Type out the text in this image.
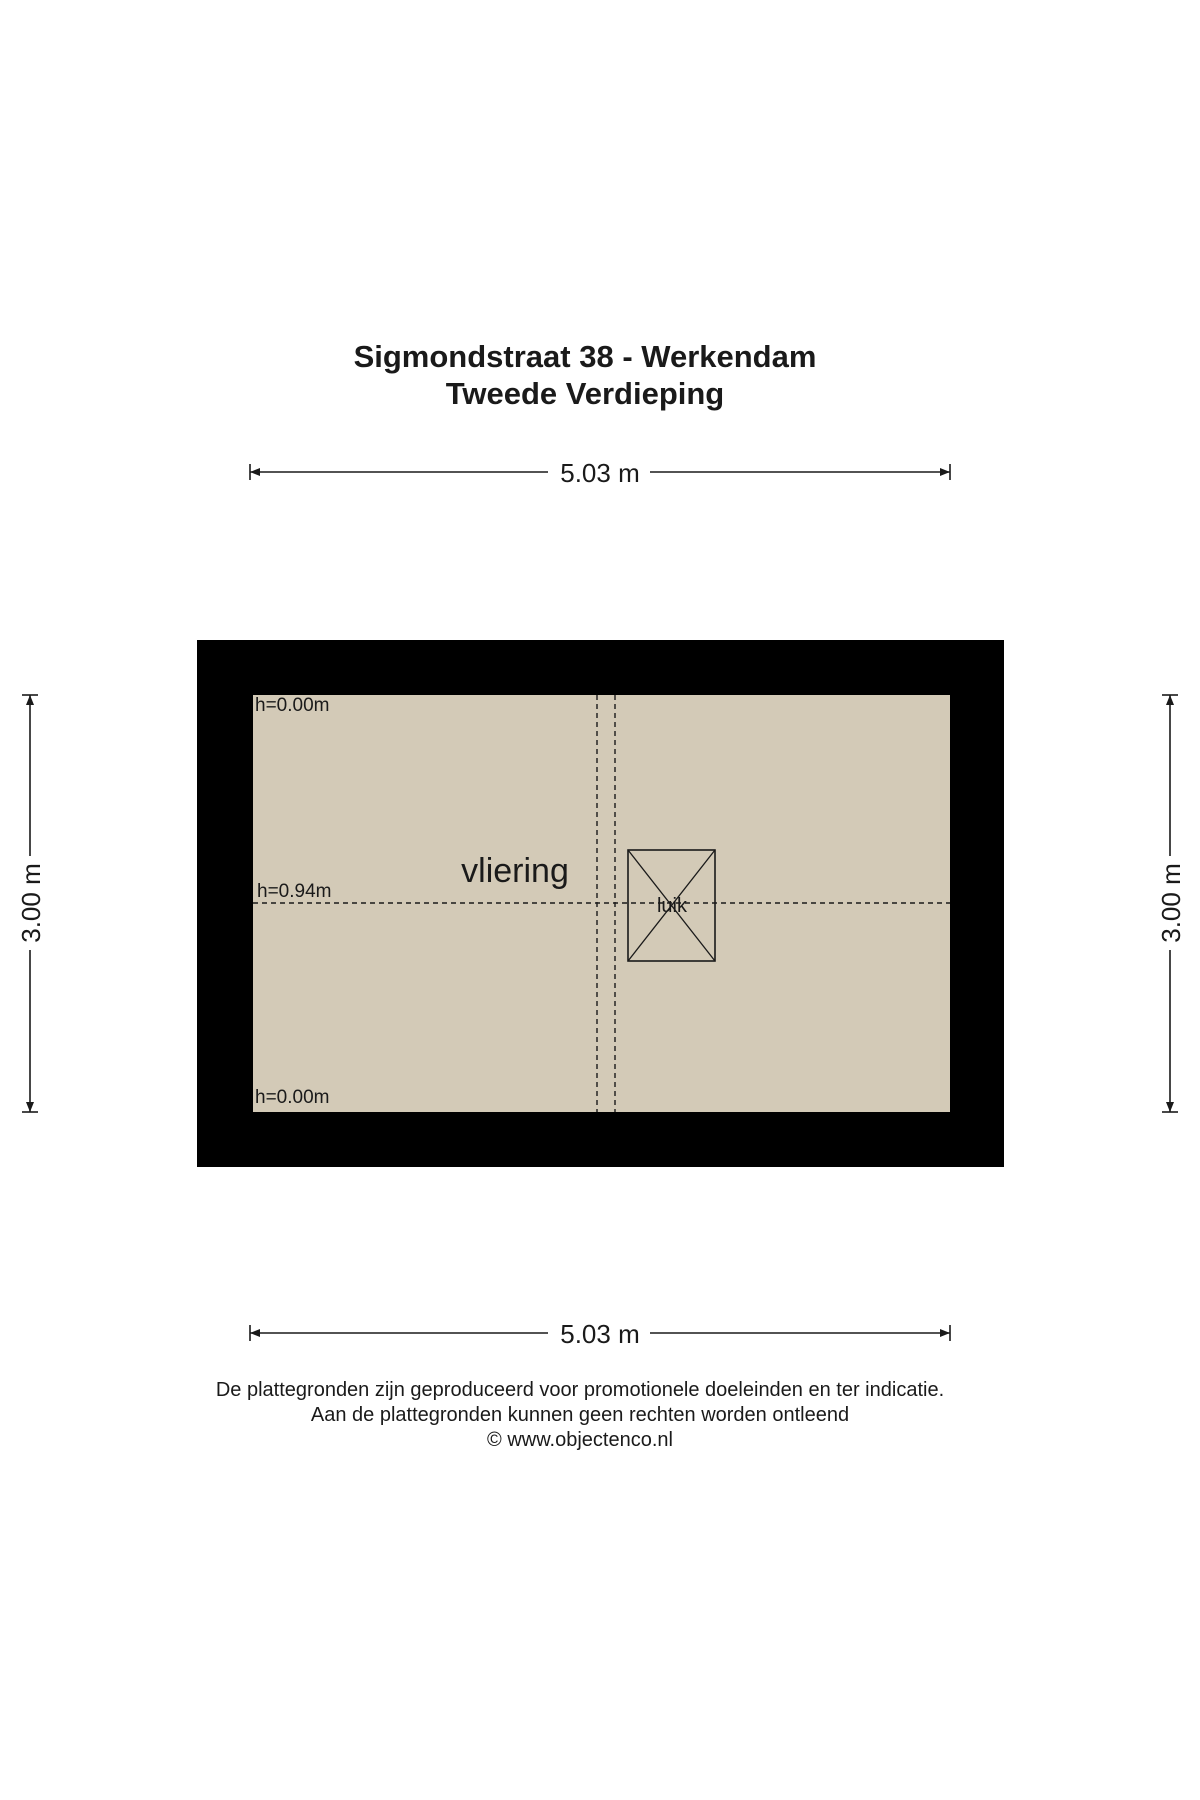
Sigmondstraat 38 - Werkendam
Tweede Verdieping
5.03 m
luik
vliering
h=0.00m
h=0.94m
h=0.00m
3.00 m	3.00 m
5.03 m
De plattegronden zijn geproduceerd voor promotionele doeleinden en ter indicatie.
Aan de plattegronden kunnen geen rechten worden ontleend
© www.objectenco.nl
